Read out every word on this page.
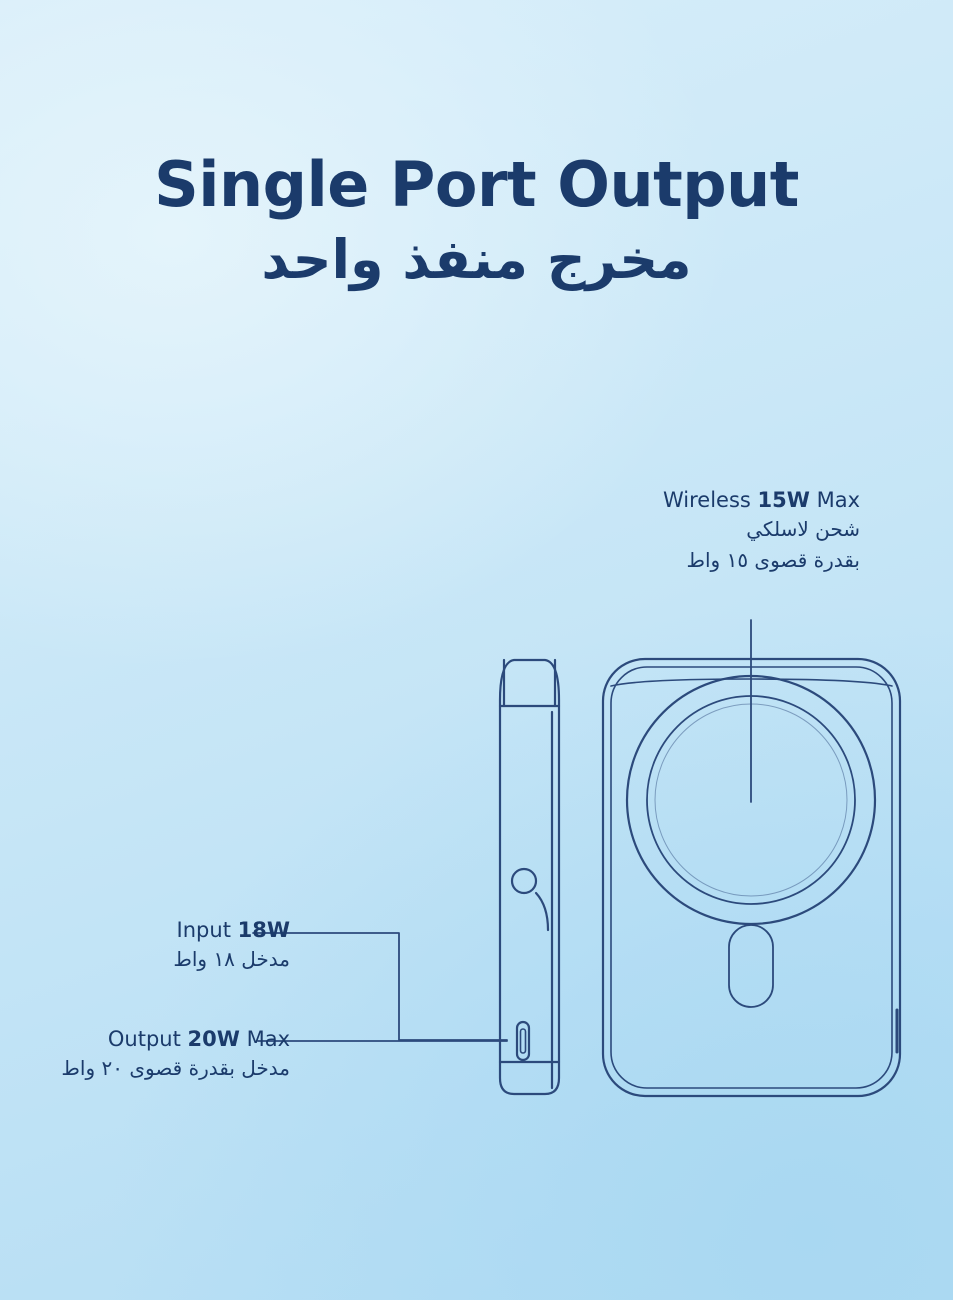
Single Port Output
مخرج منفذ واحد
Wireless 15W Max
شحن لاسلكي
بقدرة قصوى ١٥ واط
Input 18W
مدخل ١٨ واط
Output 20W Max
مدخل بقدرة قصوى ٢٠ واط
